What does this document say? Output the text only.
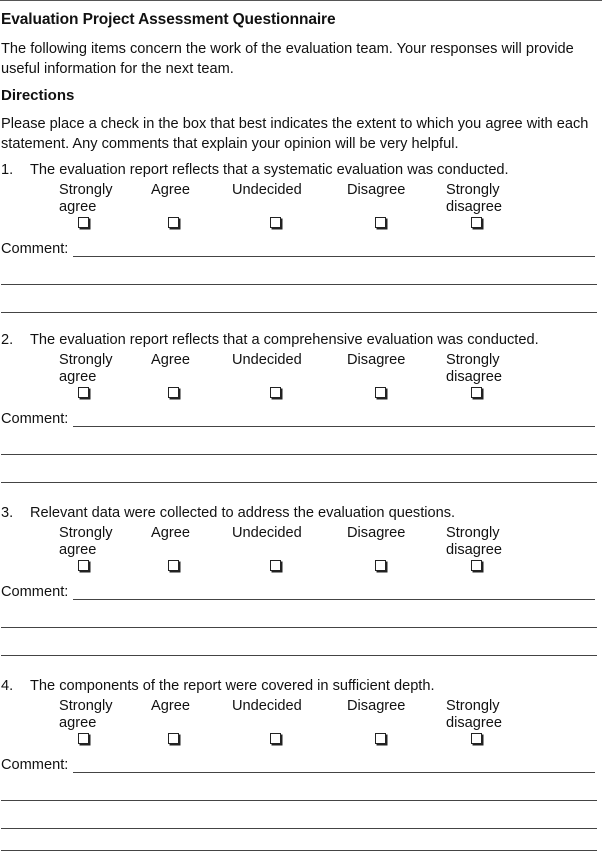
Evaluation Project Assessment Questionnaire

The following items concern the work of the evaluation team. Your responses will provide useful information for the next team.

Directions

Please place a check in the box that best indicates the extent to which you agree with each statement. Any comments that explain your opinion will be very helpful.

1. The evaluation report reflects that a systematic evaluation was conducted.
Strongly agree
Agree	Undecided	Disagree	Strongly disagree
Comment:
2. The evaluation report reflects that a comprehensive evaluation was conducted.
Strongly agree
Agree	Undecided	Disagree	Strongly disagree
Comment:
3. Relevant data were collected to address the evaluation questions.
Strongly agree
Agree	Undecided	Disagree	Strongly disagree
Comment:
4. The components of the report were covered in sufficient depth.
Strongly agree
Agree	Undecided	Disagree	Strongly disagree
Comment:
